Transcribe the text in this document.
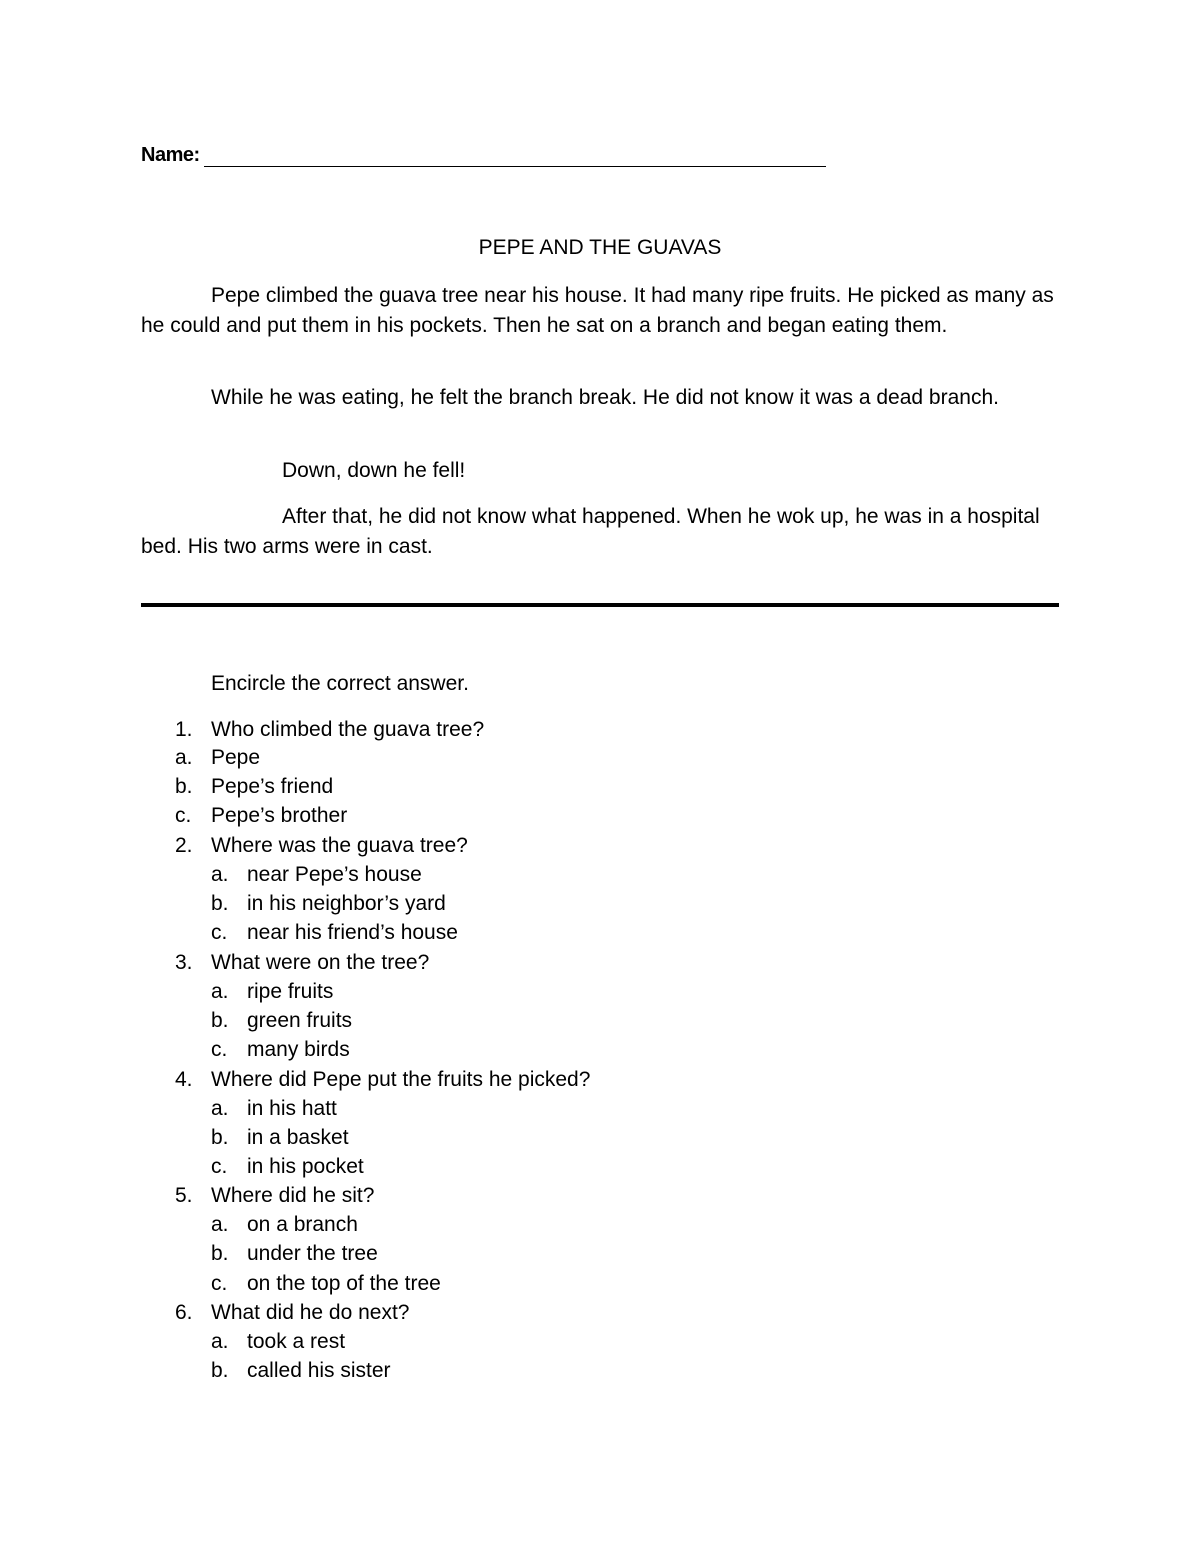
Name:
PEPE AND THE GUAVAS
Pepe climbed the guava tree near his house. It had many ripe fruits. He picked as many as he could and put them in his pockets. Then he sat on a branch and began eating them.
While he was eating, he felt the branch break. He did not know it was a dead branch.
Down, down he fell!
After that, he did not know what happened. When he wok up, he was in a hospital bed. His two arms were in cast.
Encircle the correct answer.
1. Who climbed the guava tree?
a. Pepe
b. Pepe’s friend
c. Pepe’s brother
2. Where was the guava tree?
a. near Pepe’s house
b. in his neighbor’s yard
c. near his friend’s house
3. What were on the tree?
a. ripe fruits
b. green fruits
c. many birds
4. Where did Pepe put the fruits he picked?
a. in his hatt
b. in a basket
c. in his pocket
5. Where did he sit?
a. on a branch
b. under the tree
c. on the top of the tree
6. What did he do next?
a. took a rest
b. called his sister
